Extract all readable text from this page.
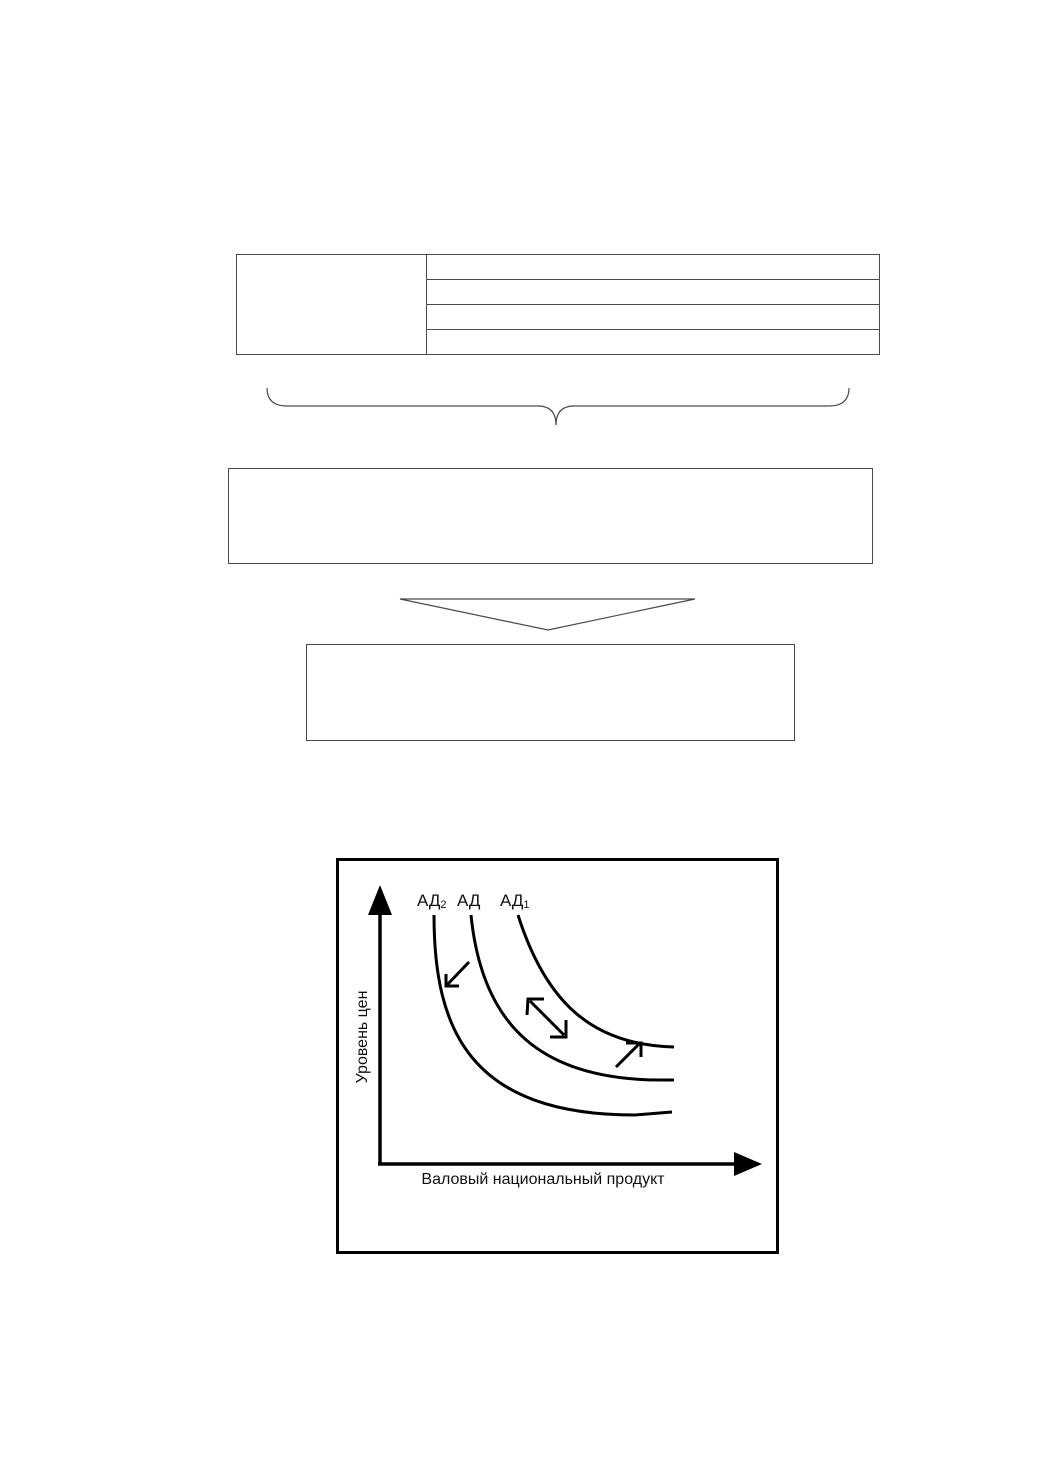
АД2 АД АД1
Валовый национальный продукт
Уровень цен
